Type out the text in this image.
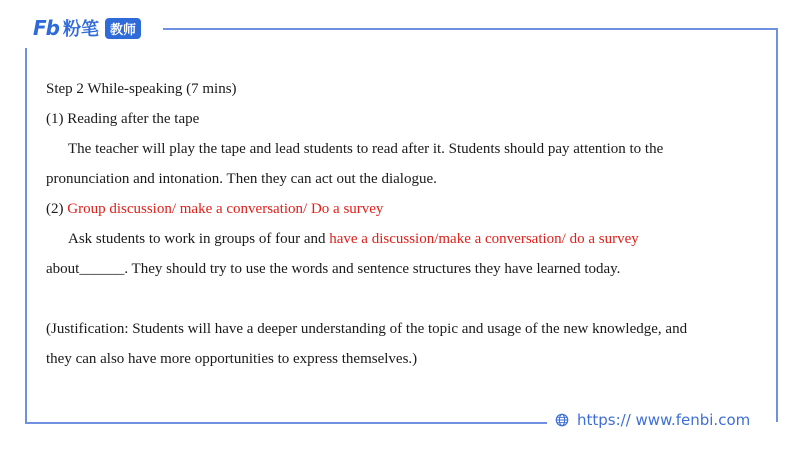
Fb 粉笔 教师

Step 2 While-speaking (7 mins)

(1) Reading after the tape

The teacher will play the tape and lead students to read after it. Students should pay attention to the

pronunciation and intonation. Then they can act out the dialogue.

(2) Group discussion/ make a conversation/ Do a survey

Ask students to work in groups of four and have a discussion/make a conversation/ do a survey

about______. They should try to use the words and sentence structures they have learned today.

(Justification: Students will have a deeper understanding of the topic and usage of the new knowledge, and

they can also have more opportunities to express themselves.)

https:// www.fenbi.com
